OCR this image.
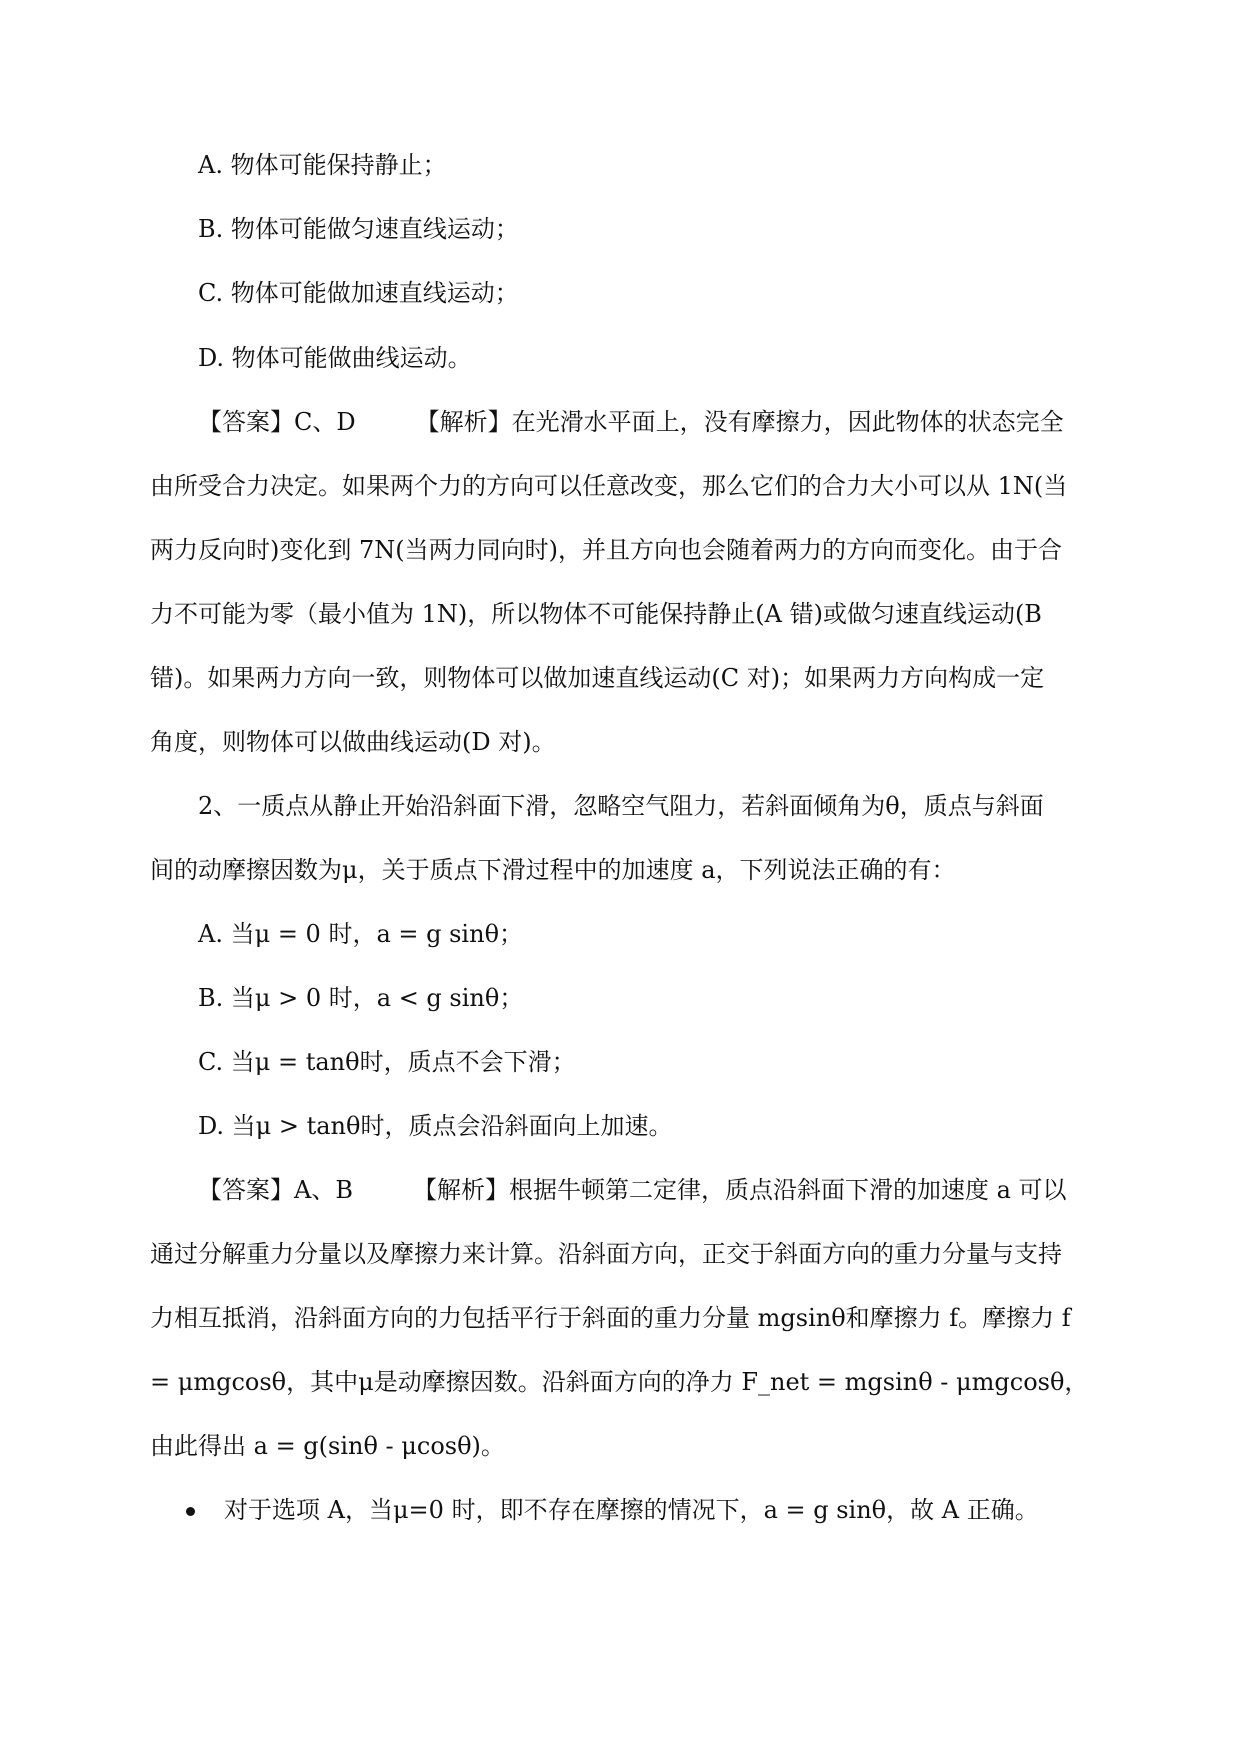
A. 物体可能保持静止；
B. 物体可能做匀速直线运动；
C. 物体可能做加速直线运动；
D. 物体可能做曲线运动。
【答案】C、D　　　【解析】在光滑水平面上，没有摩擦力，因此物体的状态完全
由所受合力决定。如果两个力的方向可以任意改变，那么它们的合力大小可以从 1N(当
两力反向时)变化到 7N(当两力同向时)，并且方向也会随着两力的方向而变化。由于合
力不可能为零（最小值为 1N)，所以物体不可能保持静止(A 错)或做匀速直线运动(B
错)。如果两力方向一致，则物体可以做加速直线运动(C 对)；如果两力方向构成一定
角度，则物体可以做曲线运动(D 对)。
2、一质点从静止开始沿斜面下滑，忽略空气阻力，若斜面倾角为θ，质点与斜面
间的动摩擦因数为μ，关于质点下滑过程中的加速度 a，下列说法正确的有：
A. 当μ = 0 时，a = g sinθ；
B. 当μ > 0 时，a < g sinθ；
C. 当μ = tanθ时，质点不会下滑；
D. 当μ > tanθ时，质点会沿斜面向上加速。
【答案】A、B　　　【解析】根据牛顿第二定律，质点沿斜面下滑的加速度 a 可以
通过分解重力分量以及摩擦力来计算。沿斜面方向，正交于斜面方向的重力分量与支持
力相互抵消，沿斜面方向的力包括平行于斜面的重力分量 mgsinθ和摩擦力 f。摩擦力 f
= μmgcosθ，其中μ是动摩擦因数。沿斜面方向的净力 F_net = mgsinθ - μmgcosθ，
由此得出 a = g(sinθ - μcosθ)。
对于选项 A，当μ=0 时，即不存在摩擦的情况下，a = g sinθ，故 A 正确。
